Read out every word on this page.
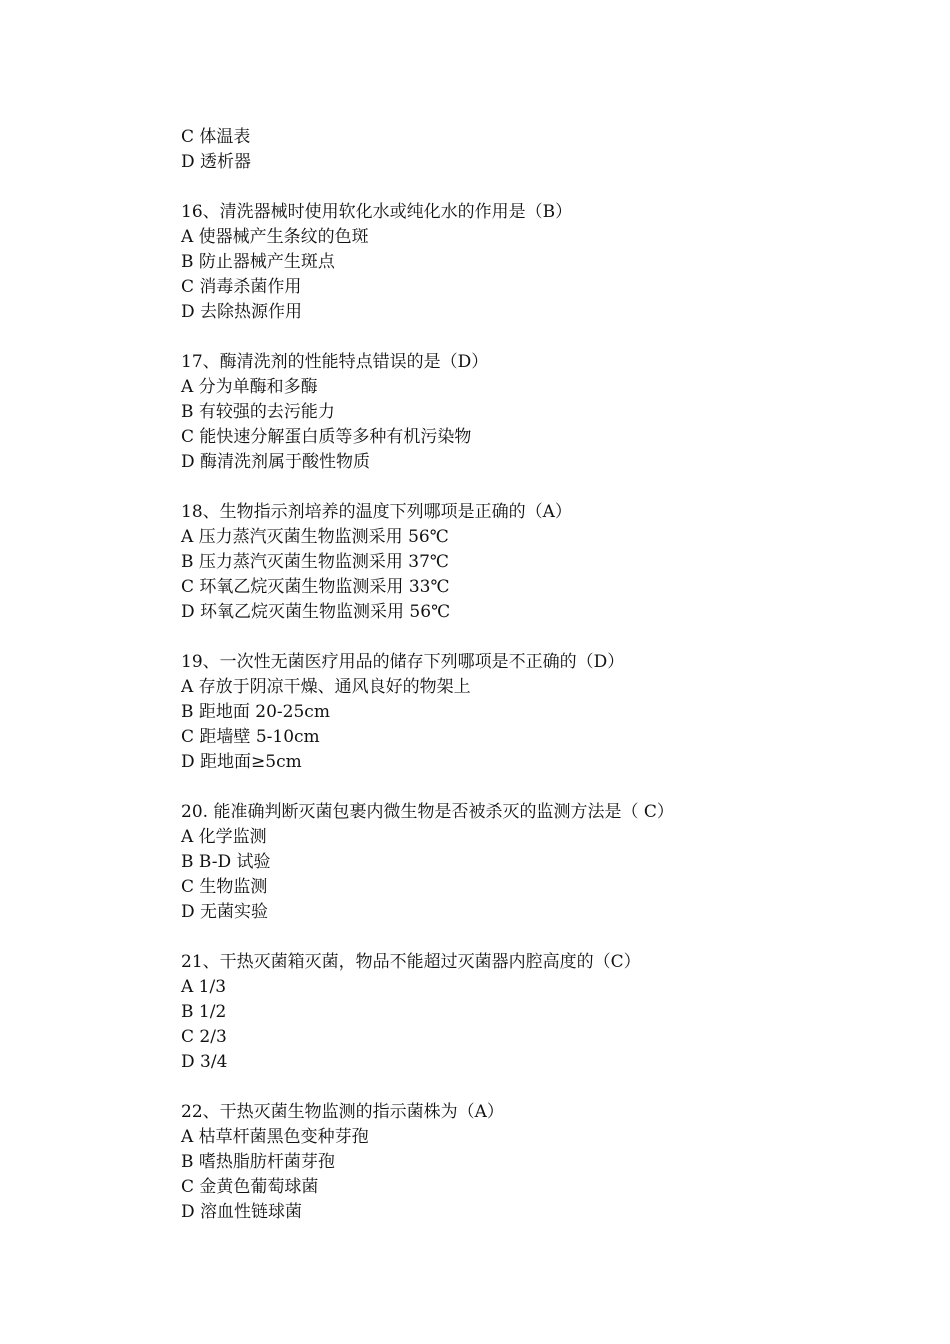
C 体温表
D 透析器
16、清洗器械时使用软化水或纯化水的作用是（B）
A 使器械产生条纹的色斑
B 防止器械产生斑点
C 消毒杀菌作用
D 去除热源作用
17、酶清洗剂的性能特点错误的是（D）
A 分为单酶和多酶
B 有较强的去污能力
C 能快速分解蛋白质等多种有机污染物
D 酶清洗剂属于酸性物质
18、生物指示剂培养的温度下列哪项是正确的（A）
A 压力蒸汽灭菌生物监测采用 56℃
B 压力蒸汽灭菌生物监测采用 37℃
C 环氧乙烷灭菌生物监测采用 33℃
D 环氧乙烷灭菌生物监测采用 56℃
19、一次性无菌医疗用品的储存下列哪项是不正确的（D）
A 存放于阴凉干燥、通风良好的物架上
B 距地面 20-25cm
C 距墙壁 5-10cm
D 距地面≥5cm
20. 能准确判断灭菌包裹内微生物是否被杀灭的监测方法是（ C）
A 化学监测
B B-D 试验
C 生物监测
D 无菌实验
21、干热灭菌箱灭菌，物品不能超过灭菌器内腔高度的（C）
A 1/3
B 1/2
C 2/3
D 3/4
22、干热灭菌生物监测的指示菌株为（A）
A 枯草杆菌黑色变种芽孢
B 嗜热脂肪杆菌芽孢
C 金黄色葡萄球菌
D 溶血性链球菌
